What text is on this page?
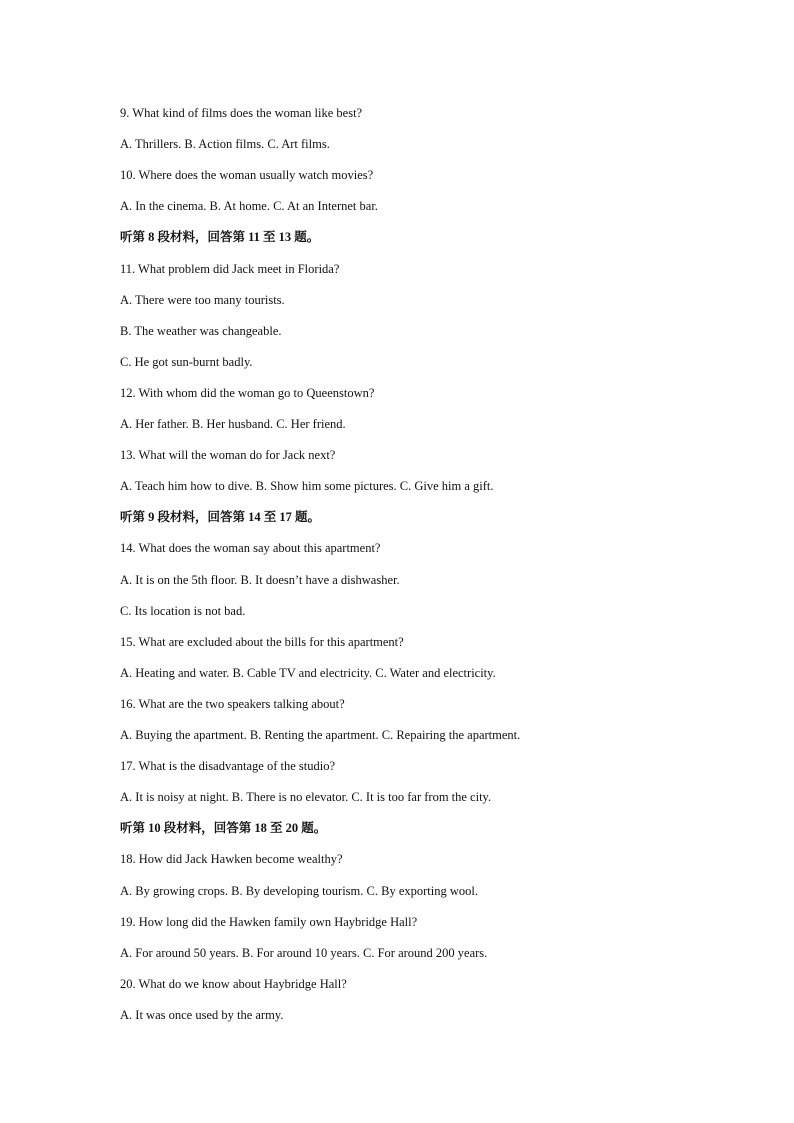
9. What kind of films does the woman like best?
A. Thrillers. B. Action films. C. Art films.
10. Where does the woman usually watch movies?
A. In the cinema. B. At home. C. At an Internet bar.
听第 8 段材料，回答第 11 至 13 题。
11. What problem did Jack meet in Florida?
A. There were too many tourists.
B. The weather was changeable.
C. He got sun-burnt badly.
12. With whom did the woman go to Queenstown?
A. Her father. B. Her husband. C. Her friend.
13. What will the woman do for Jack next?
A. Teach him how to dive. B. Show him some pictures. C. Give him a gift.
听第 9 段材料，回答第 14 至 17 题。
14. What does the woman say about this apartment?
A. It is on the 5th floor. B. It doesn’t have a dishwasher.
C. Its location is not bad.
15. What are excluded about the bills for this apartment?
A. Heating and water. B. Cable TV and electricity. C. Water and electricity.
16. What are the two speakers talking about?
A. Buying the apartment. B. Renting the apartment. C. Repairing the apartment.
17. What is the disadvantage of the studio?
A. It is noisy at night. B. There is no elevator. C. It is too far from the city.
听第 10 段材料，回答第 18 至 20 题。
18. How did Jack Hawken become wealthy?
A. By growing crops. B. By developing tourism. C. By exporting wool.
19. How long did the Hawken family own Haybridge Hall?
A. For around 50 years. B. For around 10 years. C. For around 200 years.
20. What do we know about Haybridge Hall?
A. It was once used by the army.
